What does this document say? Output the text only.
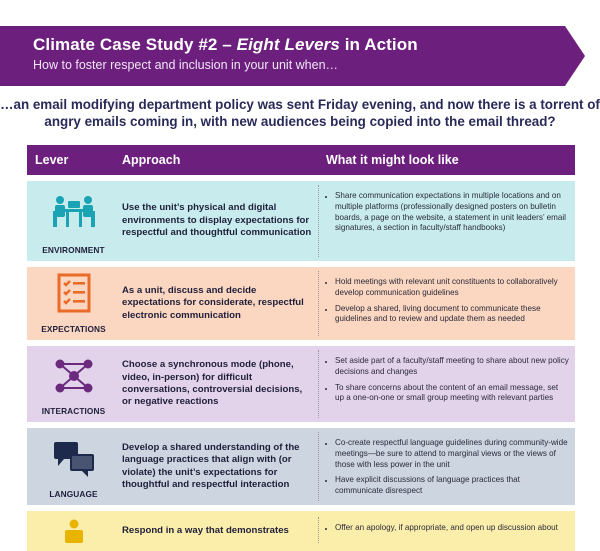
Climate Case Study #2 – Eight Levers in Action
How to foster respect and inclusion in your unit when…
…an email modifying department policy was sent Friday evening, and now there is a torrent of
angry emails coming in, with new audiences being copied into the email thread?
Lever	Approach	What it might look like
ENVIRONMENT
Use the unit’s physical and digital environments to display expectations for respectful and thoughtful communication
• Share communication expectations in multiple locations and on multiple platforms (professionally designed posters on bulletin boards, a page on the website, a statement in unit leaders’ email signatures, a section in faculty/staff handbooks)
EXPECTATIONS
As a unit, discuss and decide expectations for considerate, respectful electronic communication
• Hold meetings with relevant unit constituents to collaboratively develop communication guidelines
• Develop a shared, living document to communicate these guidelines and to review and update them as needed
INTERACTIONS
Choose a synchronous mode (phone, video, in-person) for difficult conversations, controversial decisions, or negative reactions
• Set aside part of a faculty/staff meeting to share about new policy decisions and changes
• To share concerns about the content of an email message, set up a one-on-one or small group meeting with relevant parties
LANGUAGE
Develop a shared understanding of the language practices that align with (or violate) the unit’s expectations for thoughtful and respectful interaction
• Co-create respectful language guidelines during community-wide meetings—be sure to attend to marginal views or the views of those with less power in the unit
• Have explicit discussions of language practices that communicate disrespect
Respond in a way that demonstrates
•	Offer an apology, if appropriate, and open up discussion about
